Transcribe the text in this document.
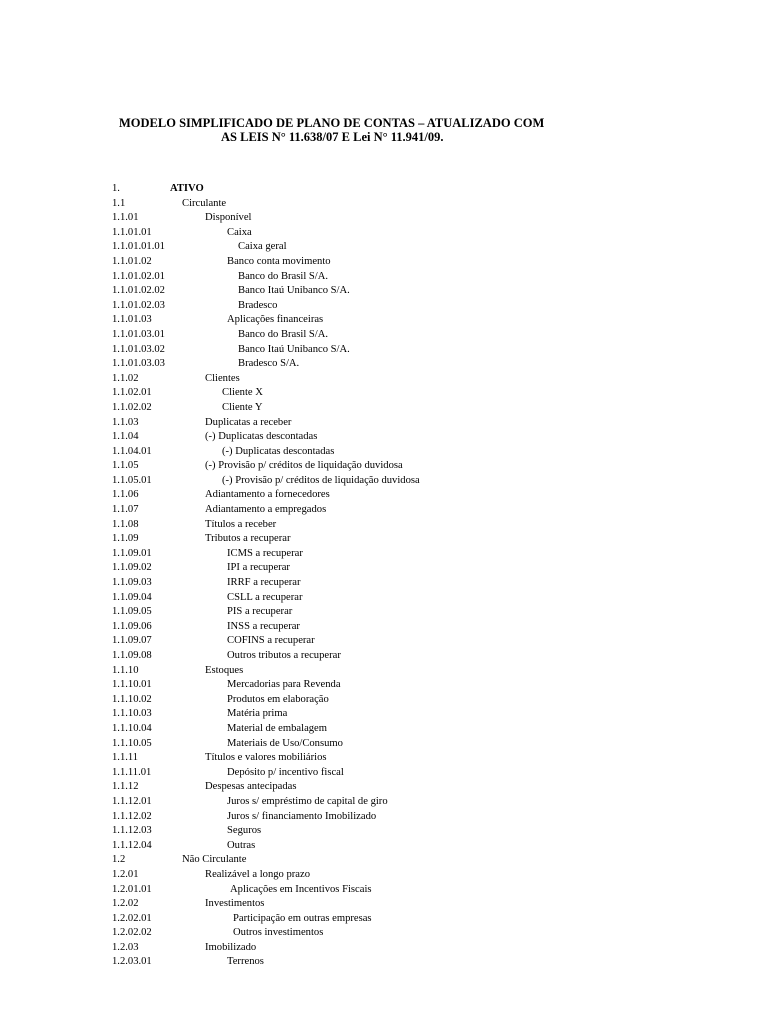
MODELO SIMPLIFICADO DE PLANO DE CONTAS – ATUALIZADO COM
AS LEIS N° 11.638/07 E Lei N° 11.941/09.
1.	ATIVO
1.1	Circulante
1.1.01	Disponível
1.1.01.01	Caixa
1.1.01.01.01	Caixa geral
1.1.01.02	Banco conta movimento
1.1.01.02.01	Banco do Brasil S/A.
1.1.01.02.02	Banco Itaú Unibanco S/A.
1.1.01.02.03	Bradesco
1.1.01.03	Aplicações financeiras
1.1.01.03.01	Banco do Brasil S/A.
1.1.01.03.02	Banco Itaú Unibanco S/A.
1.1.01.03.03	Bradesco S/A.
1.1.02	Clientes
1.1.02.01	Cliente X
1.1.02.02	Cliente Y
1.1.03	Duplicatas a receber
1.1.04	(-) Duplicatas descontadas
1.1.04.01	(-) Duplicatas descontadas
1.1.05	(-) Provisão p/ créditos de liquidação duvidosa
1.1.05.01	(-) Provisão p/ créditos de liquidação duvidosa
1.1.06	Adiantamento a fornecedores
1.1.07	Adiantamento a empregados
1.1.08	Títulos a receber
1.1.09	Tributos a recuperar
1.1.09.01	ICMS a recuperar
1.1.09.02	IPI a recuperar
1.1.09.03	IRRF a recuperar
1.1.09.04	CSLL a recuperar
1.1.09.05	PIS a recuperar
1.1.09.06	INSS a recuperar
1.1.09.07	COFINS a recuperar
1.1.09.08	Outros tributos a recuperar
1.1.10	Estoques
1.1.10.01	Mercadorias para Revenda
1.1.10.02	Produtos em elaboração
1.1.10.03	Matéria prima
1.1.10.04	Material de embalagem
1.1.10.05	Materiais de Uso/Consumo
1.1.11	Títulos e valores mobiliários
1.1.11.01	Depósito p/ incentivo fiscal
1.1.12	Despesas antecipadas
1.1.12.01	Juros s/ empréstimo de capital de giro
1.1.12.02	Juros s/ financiamento Imobilizado
1.1.12.03	Seguros
1.1.12.04	Outras
1.2	Não Circulante
1.2.01	Realizável a longo prazo
1.2.01.01	Aplicações em Incentivos Fiscais
1.2.02	Investimentos
1.2.02.01	Participação em outras empresas
1.2.02.02	Outros investimentos
1.2.03	Imobilizado
1.2.03.01	Terrenos
